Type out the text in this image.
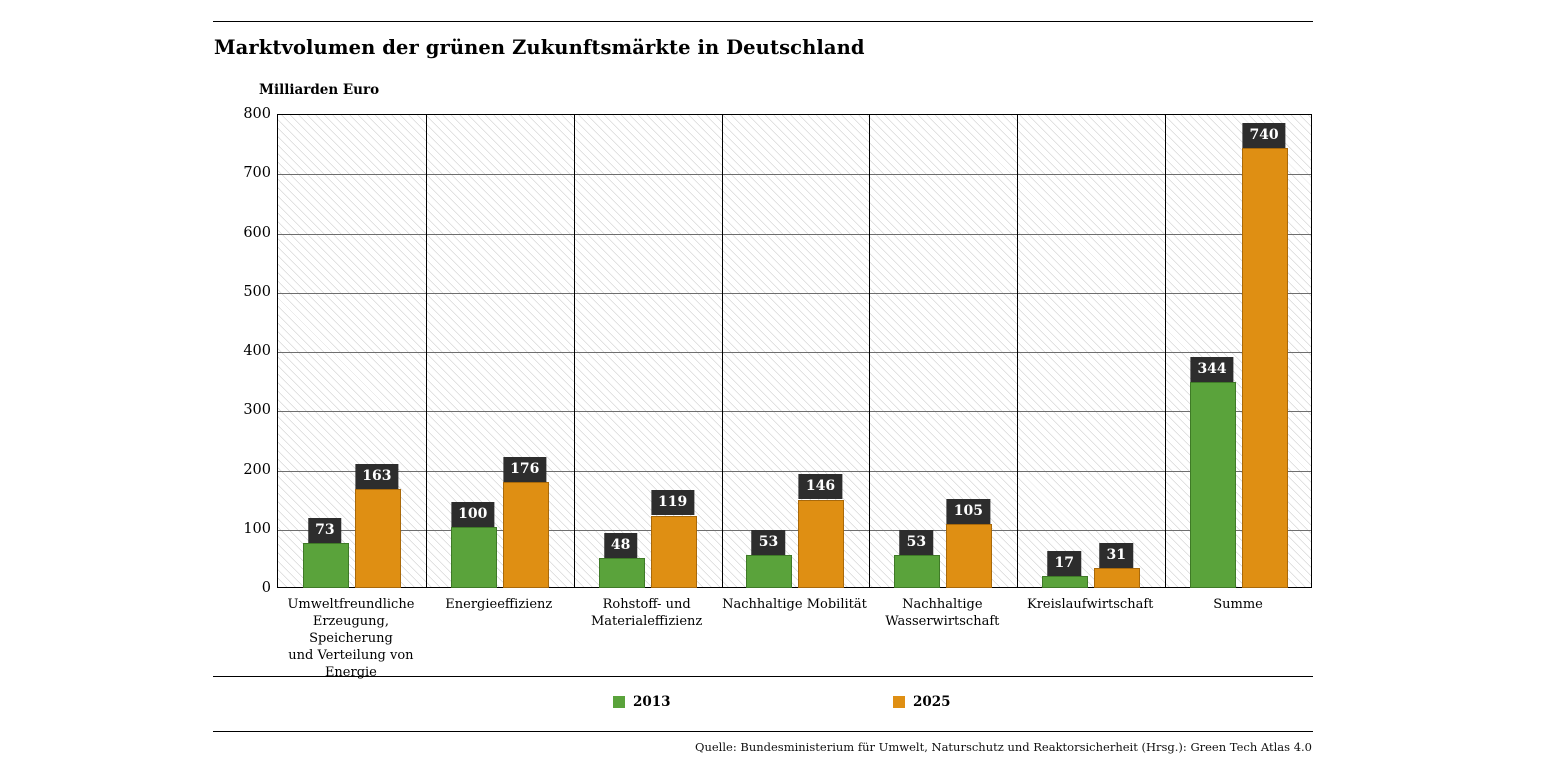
Marktvolumen der grünen Zukunftsmärkte in Deutschland
Milliarden Euro
0
100
200
300
400
500
600
700
800
73
163
100
176
48
119
53
146
53
105
17
31
344
740
Umweltfreundliche
Erzeugung, Speicherung
und Verteilung von
Energie
Energieeffizienz	Rohstoff- und
Materialeffizienz
Nachhaltige Mobilität	Nachhaltige
Wasserwirtschaft
Kreislaufwirtschaft	Summe
2013	2025
Quelle: Bundesministerium für Umwelt, Naturschutz und Reaktorsicherheit (Hrsg.): Green Tech Atlas 4.0
